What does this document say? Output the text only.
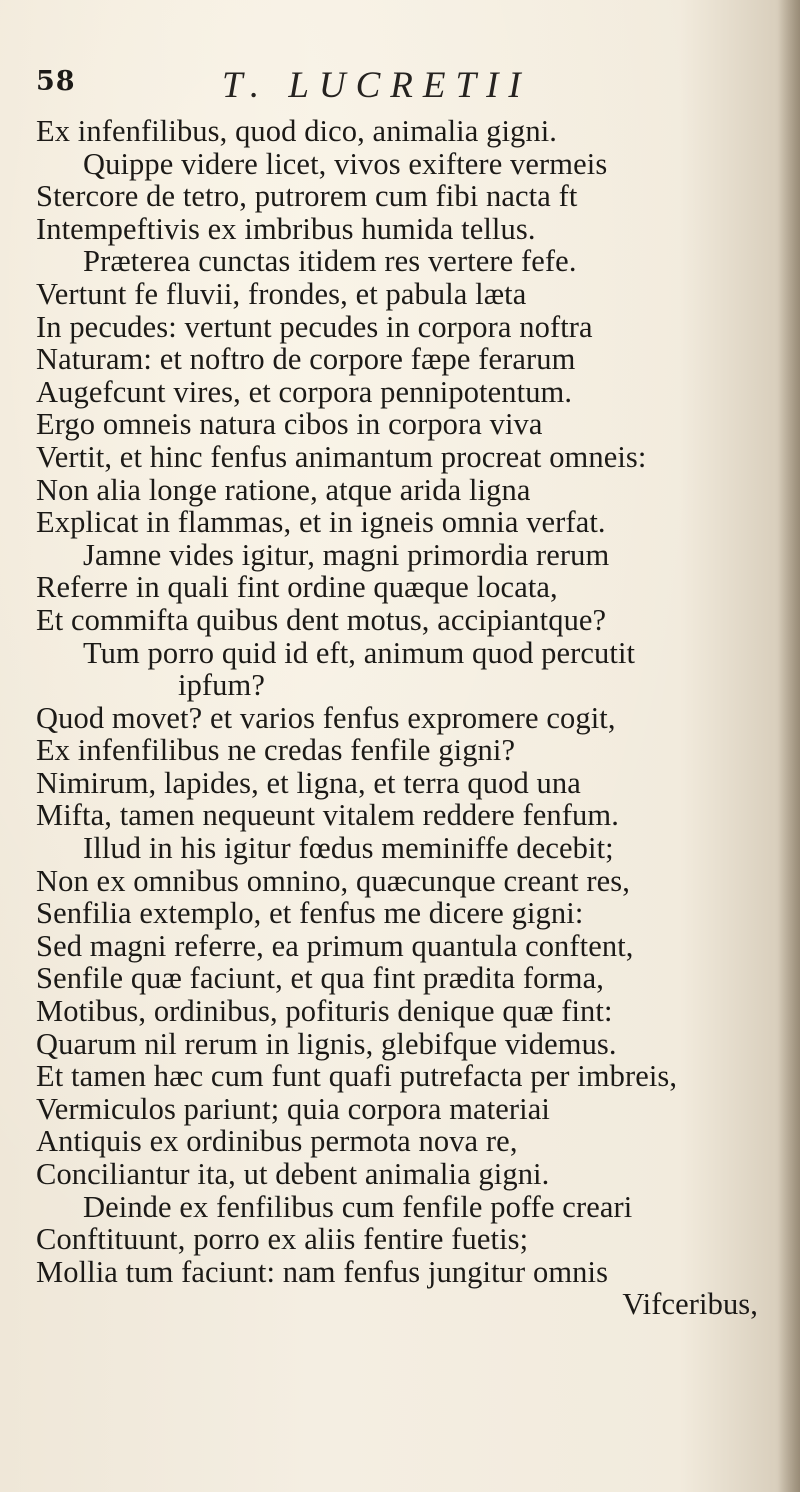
58	T. LUCRETII
Ex infenfilibus, quod dico, animalia gigni.
Quippe videre licet, vivos exiftere vermeis
Stercore de tetro, putrorem cum fibi nacta ft
Intempeftivis ex imbribus humida tellus.
Præterea cunctas itidem res vertere fefe.
Vertunt fe fluvii, frondes, et pabula læta
In pecudes: vertunt pecudes in corpora noftra
Naturam: et noftro de corpore fæpe ferarum
Augefcunt vires, et corpora pennipotentum.
Ergo omneis natura cibos in corpora viva
Vertit, et hinc fenfus animantum procreat omneis:
Non alia longe ratione, atque arida ligna
Explicat in flammas, et in igneis omnia verfat.
Jamne vides igitur, magni primordia rerum
Referre in quali fint ordine quæque locata,
Et commifta quibus dent motus, accipiantque?
Tum porro quid id eft, animum quod percutit
ipfum?
Quod movet? et varios fenfus expromere cogit,
Ex infenfilibus ne credas fenfile gigni?
Nimirum, lapides, et ligna, et terra quod una
Mifta, tamen nequeunt vitalem reddere fenfum.
Illud in his igitur fœdus meminiffe decebit;
Non ex omnibus omnino, quæcunque creant res,
Senfilia extemplo, et fenfus me dicere gigni:
Sed magni referre, ea primum quantula conftent,
Senfile quæ faciunt, et qua fint prædita forma,
Motibus, ordinibus, pofituris denique quæ fint:
Quarum nil rerum in lignis, glebifque videmus.
Et tamen hæc cum funt quafi putrefacta per imbreis,
Vermiculos pariunt; quia corpora materiai
Antiquis ex ordinibus permota nova re,
Conciliantur ita, ut debent animalia gigni.
Deinde ex fenfilibus cum fenfile poffe creari
Conftituunt, porro ex aliis fentire fuetis;
Mollia tum faciunt: nam fenfus jungitur omnis
Vifceribus,
